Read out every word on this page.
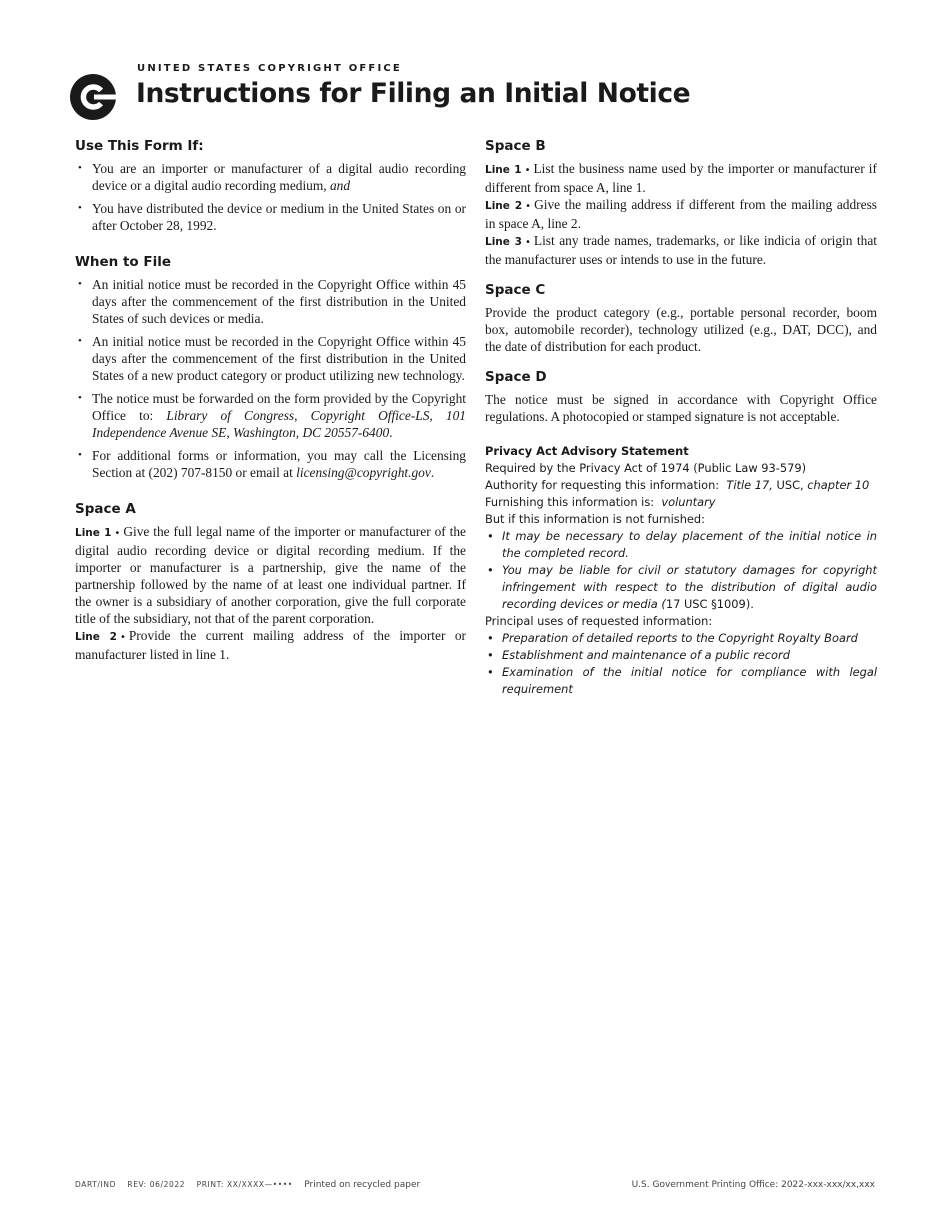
UNITED STATES COPYRIGHT OFFICE
Instructions for Filing an Initial Notice
Use This Form If:
• You are an importer or manufacturer of a digital audio recording device or a digital audio recording medium, and
• You have distributed the device or medium in the United States on or after October 28, 1992.
When to File
• An initial notice must be recorded in the Copyright Office within 45 days after the commencement of the first distribution in the United States of such devices or media.
• An initial notice must be recorded in the Copyright Office within 45 days after the commencement of the first distribution in the United States of a new product category or product utilizing new technology.
• The notice must be forwarded on the form provided by the Copyright Office to: Library of Congress, Copyright Office-LS, 101 Independence Avenue SE, Washington, DC 20557-6400.
• For additional forms or information, you may call the Licensing Section at (202) 707-8150 or email at licensing@copyright.gov.
Space A

Line 1 • Give the full legal name of the importer or manufacturer of the digital audio recording device or digital recording medium. If the importer or manufacturer is a partnership, give the name of the partnership followed by the name of at least one individual partner. If the owner is a subsidiary of another corporation, give the full corporate title of the subsidiary, not that of the parent corporation.

Line 2 • Provide the current mailing address of the importer or manufacturer listed in line 1.

Space B

Line 1 • List the business name used by the importer or manufacturer if different from space A, line 1.

Line 2 • Give the mailing address if different from the mailing address in space A, line 2.

Line 3 • List any trade names, trademarks, or like indicia of origin that the manufacturer uses or intends to use in the future.

Space C

Provide the product category (e.g., portable personal recorder, boom box, automobile recorder), technology utilized (e.g., DAT, DCC), and the date of distribution for each product.

Space D

The notice must be signed in accordance with Copyright Office regulations. A photocopied or stamped signature is not acceptable.

Privacy Act Advisory Statement
Required by the Privacy Act of 1974 (Public Law 93-579)
Authority for requesting this information: Title 17, USC, chapter 10
Furnishing this information is: voluntary
But if this information is not furnished:
• It may be necessary to delay placement of the initial notice in the completed record.
• You may be liable for civil or statutory damages for copyright infringement with respect to the distribution of digital audio recording devices or media (17 USC §1009).
Principal uses of requested information:
• Preparation of detailed reports to the Copyright Royalty Board
• Establishment and maintenance of a public record
• Examination of the initial notice for compliance with legal requirement
DART/IND REV: 06/2022 PRINT: XX/XXXX—•••• Printed on recycled paper	U.S. Government Printing Office: 2022-xxx-xxx/xx,xxx
